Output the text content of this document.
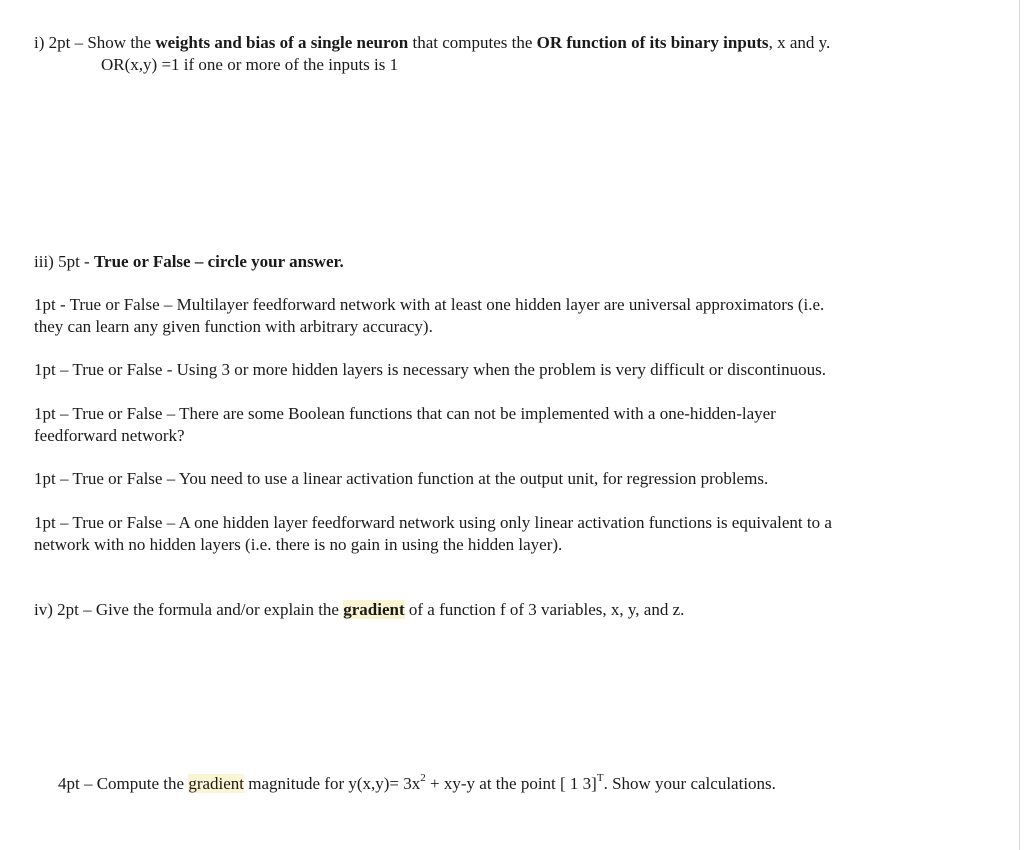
i) 2pt – Show the weights and bias of a single neuron that computes the OR function of its binary inputs, x and y.
OR(x,y) =1 if one or more of the inputs is 1
iii) 5pt - True or False – circle your answer.
1pt - True or False – Multilayer feedforward network with at least one hidden layer are universal approximators (i.e.
they can learn any given function with arbitrary accuracy).
1pt – True or False - Using 3 or more hidden layers is necessary when the problem is very difficult or discontinuous.
1pt – True or False – There are some Boolean functions that can not be implemented with a one-hidden-layer
feedforward network?
1pt – True or False – You need to use a linear activation function at the output unit, for regression problems.
1pt – True or False – A one hidden layer feedforward network using only linear activation functions is equivalent to a
network with no hidden layers (i.e. there is no gain in using the hidden layer).
iv) 2pt – Give the formula and/or explain the gradient of a function f of 3 variables, x, y, and z.
4pt – Compute the gradient magnitude for $y(x,y)= 3x^2 + xy-y$ at the point [ 1 3]$^T$. Show your calculations.
